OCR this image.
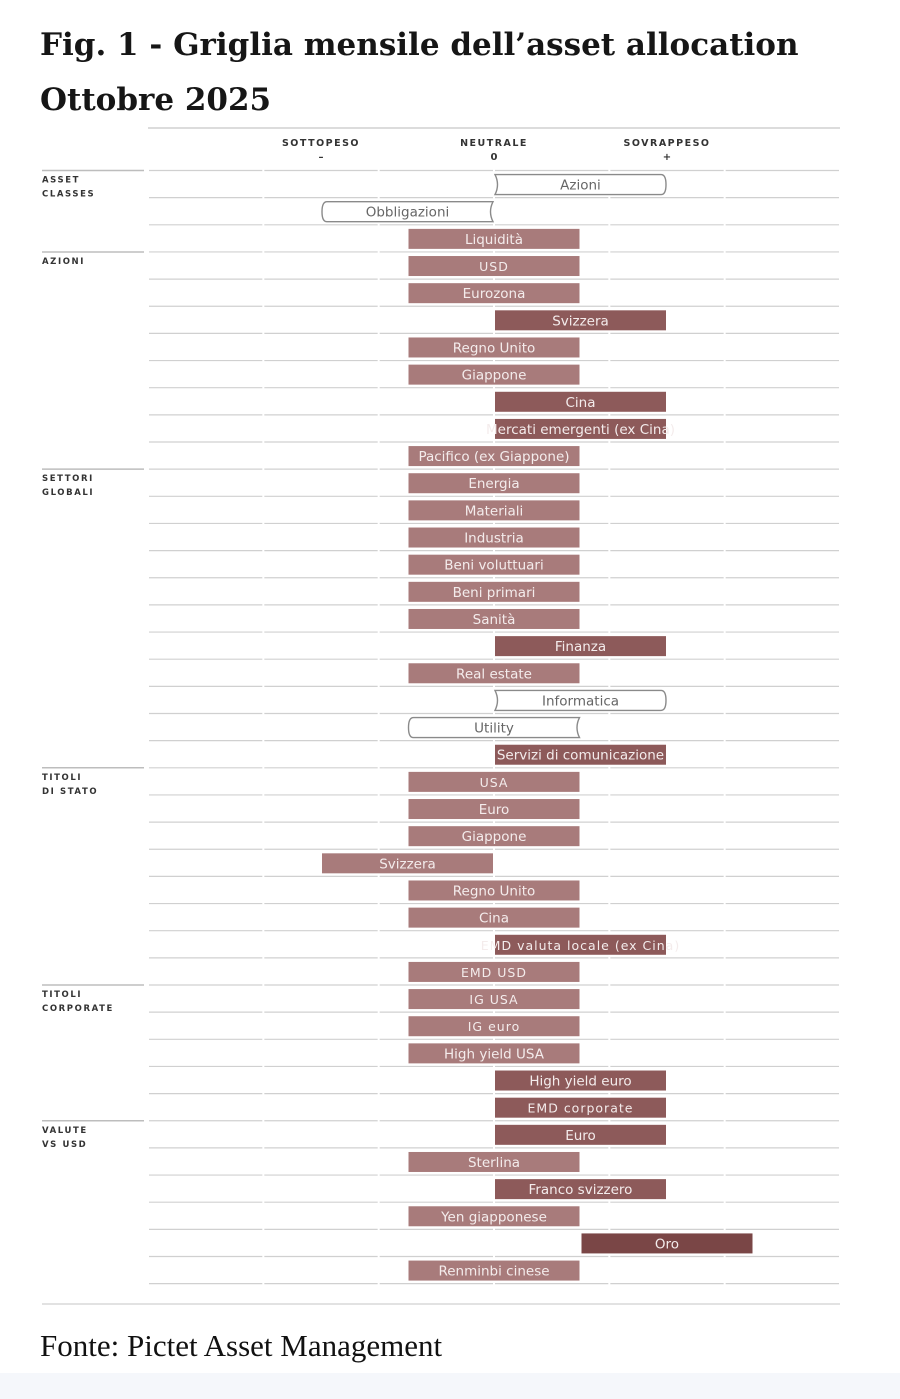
Fig. 1 - Griglia mensile dell’asset allocation
Ottobre 2025
SOTTOPESO
–
NEUTRALE
0
SOVRAPPESO
+
ASSET
CLASSES
AZIONI
SETTORI
GLOBALI
TITOLI
DI STATO
TITOLI
CORPORATE
VALUTE
VS USD
Azioni
Obbligazioni
Liquidità
USD
Eurozona
Svizzera
Regno Unito
Giappone
Cina
Mercati emergenti (ex Cina)
Pacifico (ex Giappone)
Energia
Materiali
Industria
Beni voluttuari
Beni primari
Sanità
Finanza
Real estate
Informatica
Utility
Servizi di comunicazione
USA
Euro
Giappone
Svizzera
Regno Unito
Cina
EMD valuta locale (ex Cina)
EMD USD
IG USA
IG euro
High yield USA
High yield euro
EMD corporate
Euro
Sterlina
Franco svizzero
Yen giapponese
Oro
Renminbi cinese
Fonte: Pictet Asset Management
